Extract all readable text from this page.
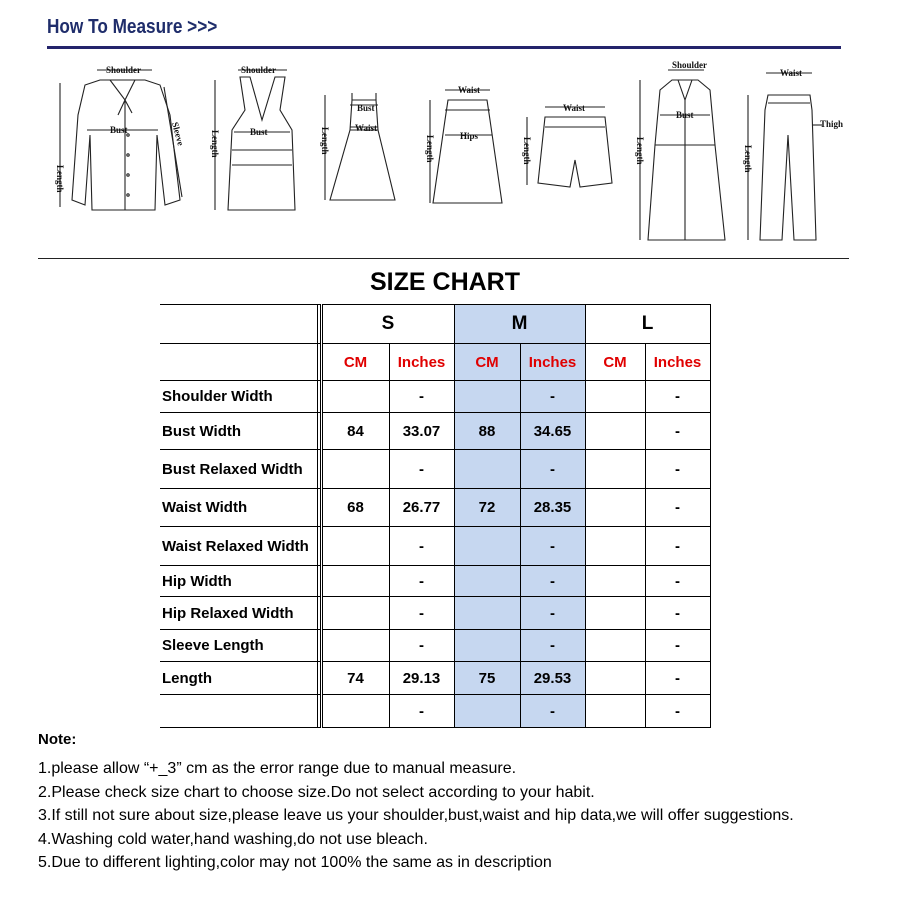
How To Measure >>>
Shoulder
Bust
Length
Sleeve
Shoulder
Bust
Length
Bust
Waist
Length
Waist
Hips
Length
Waist
Length
Shoulder
Bust
Length
Waist
Thigh
Length
SIZE CHART
		S		M		L	
		CM	Inches	CM	Inches	CM	Inches
Shoulder Width			-		-		-
Bust Width		84	33.07	88	34.65		-
Bust Relaxed Width			-		-		-
Waist Width		68	26.77	72	28.35		-
Waist Relaxed Width			-		-		-
Hip Width			-		-		-
Hip Relaxed Width			-		-		-
Sleeve Length			-		-		-
Length		74	29.13	75	29.53		-
			-		-		-
Note:
1.please allow “+_3” cm as the error range due to manual measure.
2.Please check size chart to choose size.Do not select according to your habit.
3.If still not sure about size,please leave us your shoulder,bust,waist and hip data,we will offer suggestions.
4.Washing cold water,hand washing,do not use bleach.
5.Due to different lighting,color may not 100% the same as in description
